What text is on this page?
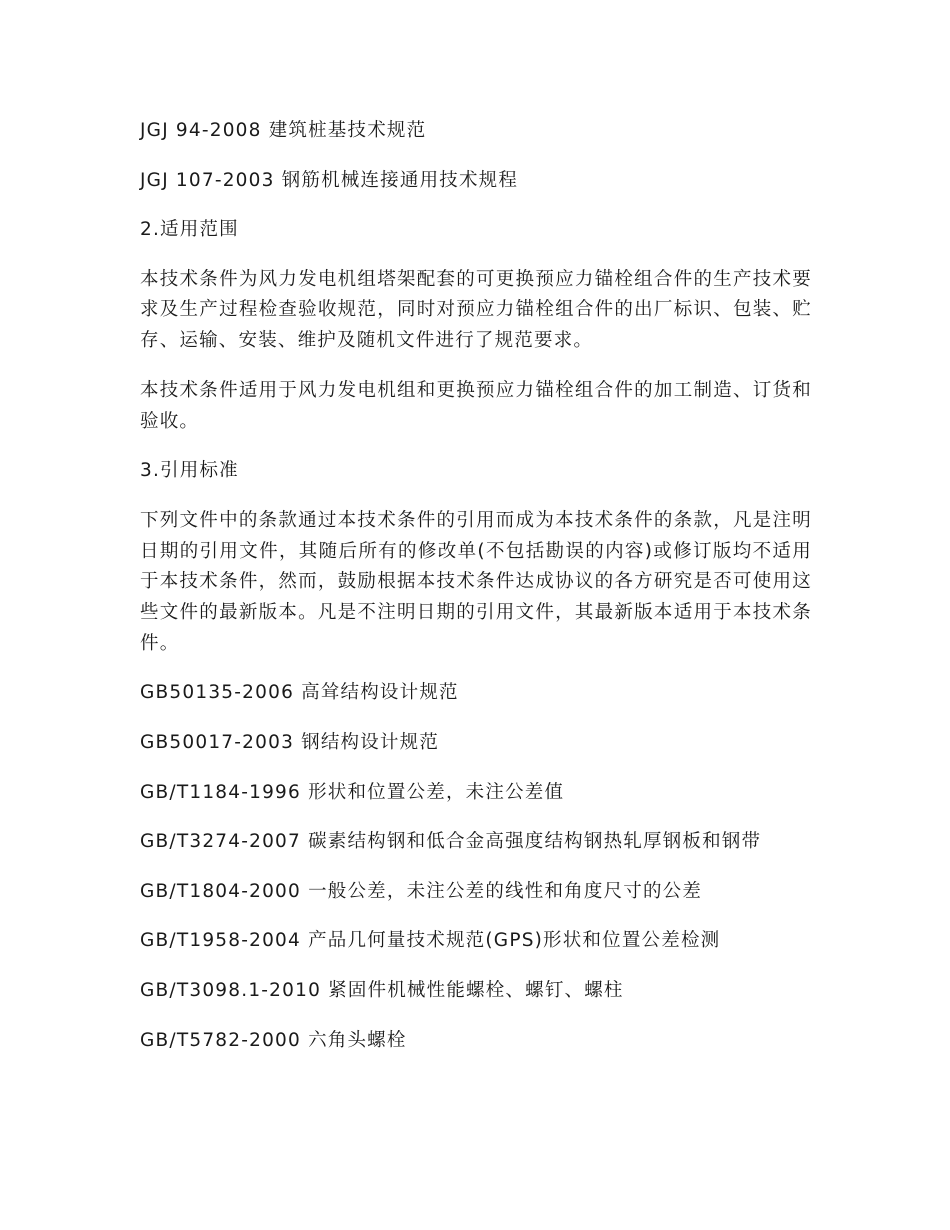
JGJ 94-2008 建筑桩基技术规范

JGJ 107-2003 钢筋机械连接通用技术规程

2.适用范围

本技术条件为风力发电机组塔架配套的可更换预应力锚栓组合件的生产技术要求及生产过程检查验收规范，同时对预应力锚栓组合件的出厂标识、包装、贮存、运输、安装、维护及随机文件进行了规范要求。

本技术条件适用于风力发电机组和更换预应力锚栓组合件的加工制造、订货和验收。

3.引用标准

下列文件中的条款通过本技术条件的引用而成为本技术条件的条款，凡是注明日期的引用文件，其随后所有的修改单(不包括勘误的内容)或修订版均不适用于本技术条件，然而，鼓励根据本技术条件达成协议的各方研究是否可使用这些文件的最新版本。凡是不注明日期的引用文件，其最新版本适用于本技术条件。

GB50135-2006 高耸结构设计规范

GB50017-2003 钢结构设计规范

GB/T1184-1996 形状和位置公差，未注公差值

GB/T3274-2007 碳素结构钢和低合金高强度结构钢热轧厚钢板和钢带

GB/T1804-2000 一般公差，未注公差的线性和角度尺寸的公差

GB/T1958-2004 产品几何量技术规范(GPS)形状和位置公差检测

GB/T3098.1-2010 紧固件机械性能螺栓、螺钉、螺柱

GB/T5782-2000 六角头螺栓
